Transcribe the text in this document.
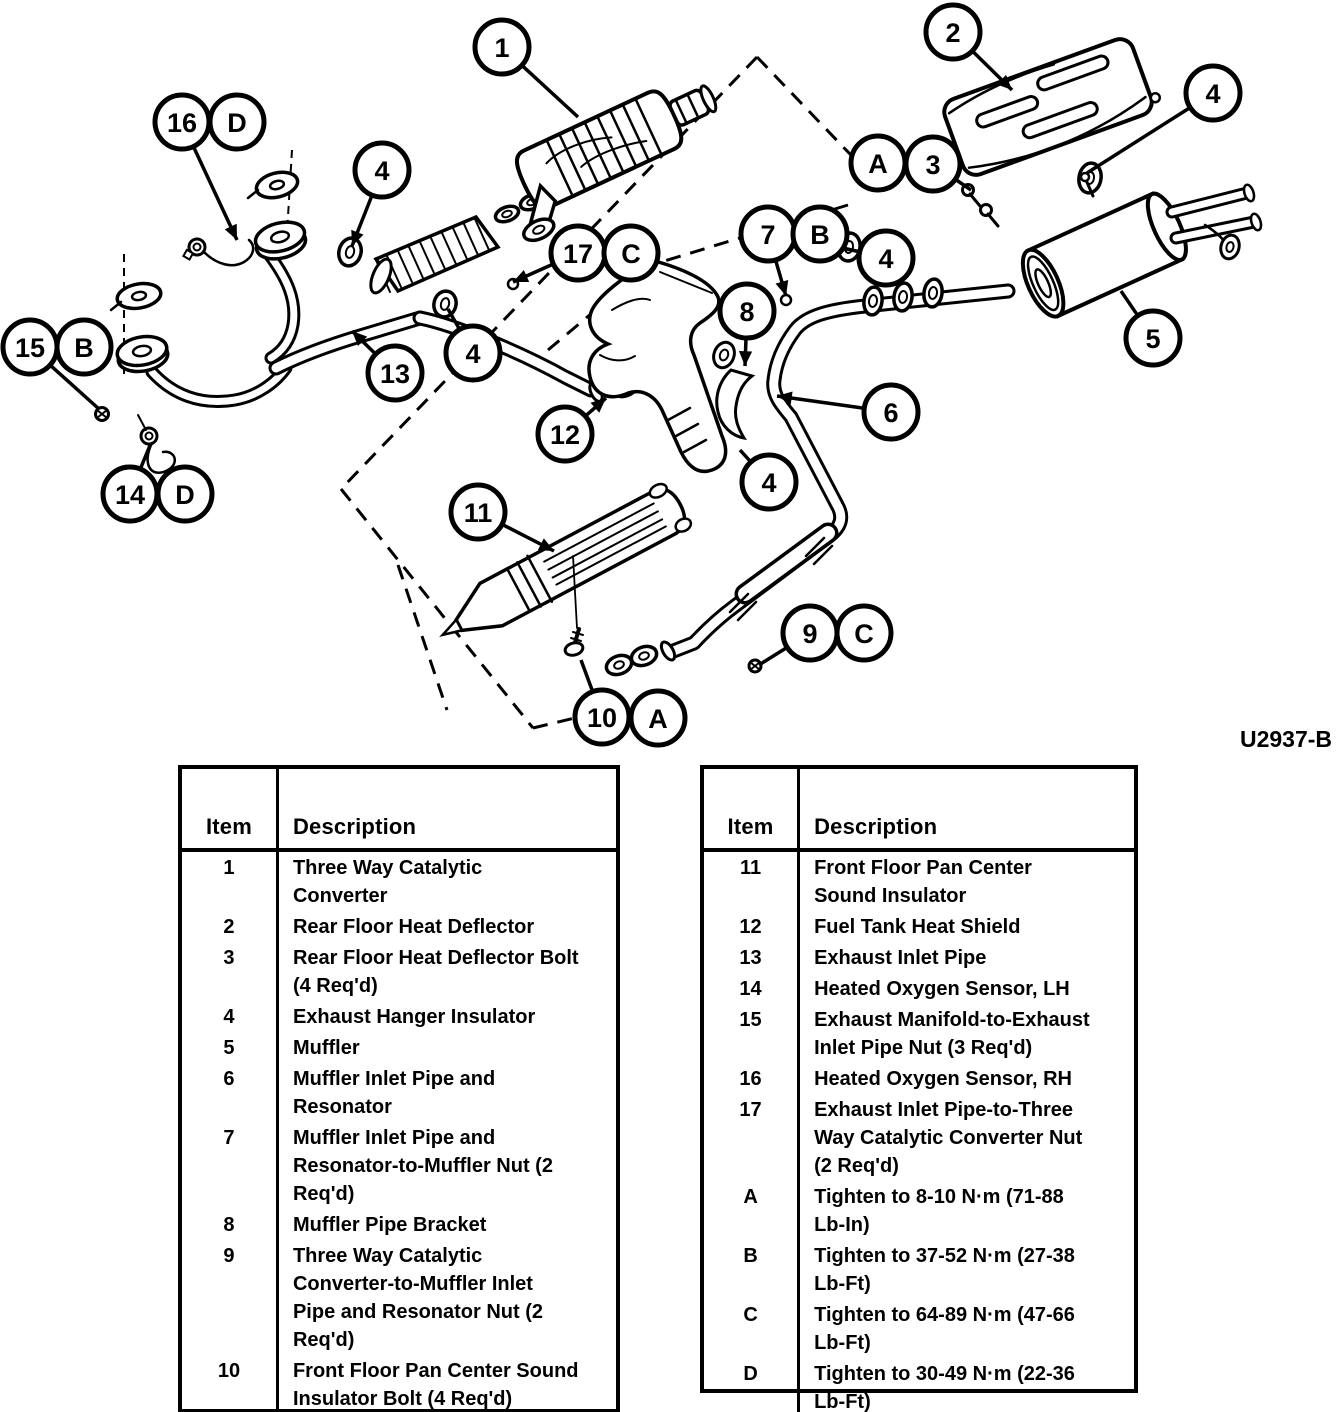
U2937-B
1	2
16 D
4	A 3
4
17 C
7 B
4
15 B
13
4
12
14 D
8
5
6
4
11
9 C
10 A
Item	Description
1	Three Way Catalytic Converter
2	Rear Floor Heat Deflector
3	Rear Floor Heat Deflector Bolt (4 Req'd)
4	Exhaust Hanger Insulator
5	Muffler
6	Muffler Inlet Pipe and Resonator
7	Muffler Inlet Pipe and Resonator-to-Muffler Nut (2 Req'd)
8	Muffler Pipe Bracket
9	Three Way Catalytic Converter-to-Muffler Inlet Pipe and Resonator Nut (2 Req'd)
10	Front Floor Pan Center Sound Insulator Bolt (4 Req'd)
Item	Description
11	Front Floor Pan Center Sound Insulator
12	Fuel Tank Heat Shield
13	Exhaust Inlet Pipe
14	Heated Oxygen Sensor, LH
15	Exhaust Manifold-to-Exhaust Inlet Pipe Nut (3 Req'd)
16	Heated Oxygen Sensor, RH
17	Exhaust Inlet Pipe-to-Three Way Catalytic Converter Nut (2 Req'd)
A	Tighten to 8-10 N·m (71-88 Lb-In)
B	Tighten to 37-52 N·m (27-38 Lb-Ft)
C	Tighten to 64-89 N·m (47-66 Lb-Ft)
D	Tighten to 30-49 N·m (22-36 Lb-Ft)
